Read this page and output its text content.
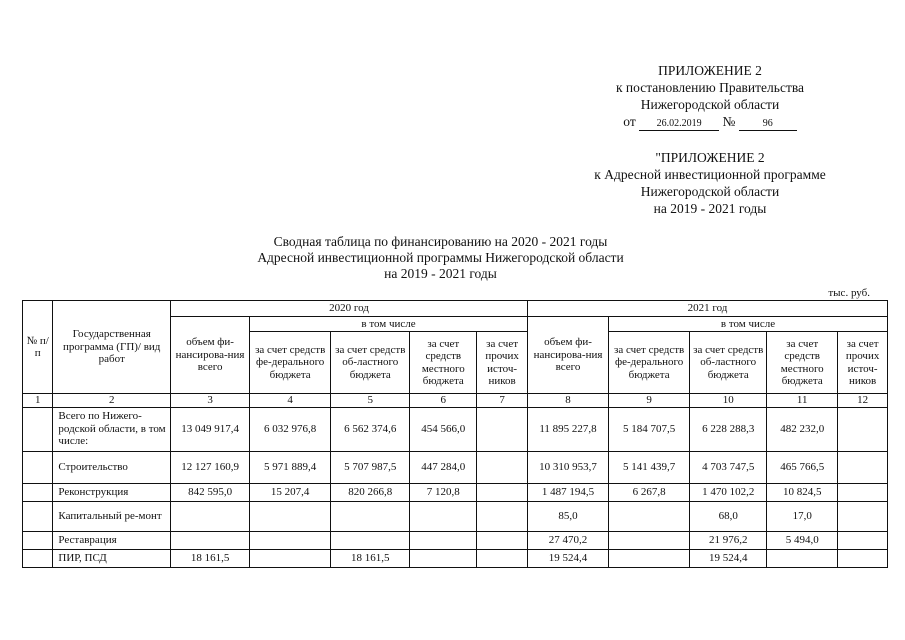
ПРИЛОЖЕНИЕ 2
к постановлению Правительства
Нижегородской области
от 26.02.2019 №	96
"ПРИЛОЖЕНИЕ 2
к Адресной инвестиционной программе
Нижегородской области
на 2019 - 2021 годы
Сводная таблица по финансированию на 2020 - 2021 годы
Адресной инвестиционной программы Нижегородской области
на 2019 - 2021 годы
тыс. руб.
№ п/п	Государственная программа (ГП)/ вид работ	2020 год					2021 год				
		объем фи-нансирова-ния всего	в том числе				объем фи-нансирова-ния всего	в том числе			
			за счет средств фе-дерального бюджета	за счет средств об-ластного бюджета	за счет средств местного бюджета	за счет прочих источ-ников		за счет средств фе-дерального бюджета	за счет средств об-ластного бюджета	за счет средств местного бюджета	за счет прочих источ-ников
1	2	3	4	5	6	7	8	9	10	11	12
	Всего по Нижего-родской области, в том числе:	13 049 917,4	6 032 976,8	6 562 374,6	454 566,0		11 895 227,8	5 184 707,5	6 228 288,3	482 232,0	
	Строительство	12 127 160,9	5 971 889,4	5 707 987,5	447 284,0		10 310 953,7	5 141 439,7	4 703 747,5	465 766,5	
	Реконструкция	842 595,0	15 207,4	820 266,8	7 120,8		1 487 194,5	6 267,8	1 470 102,2	10 824,5	
	Капитальный ре-монт						85,0		68,0	17,0	
	Реставрация						27 470,2		21 976,2	5 494,0	
	ПИР, ПСД	18 161,5		18 161,5			19 524,4		19 524,4		
